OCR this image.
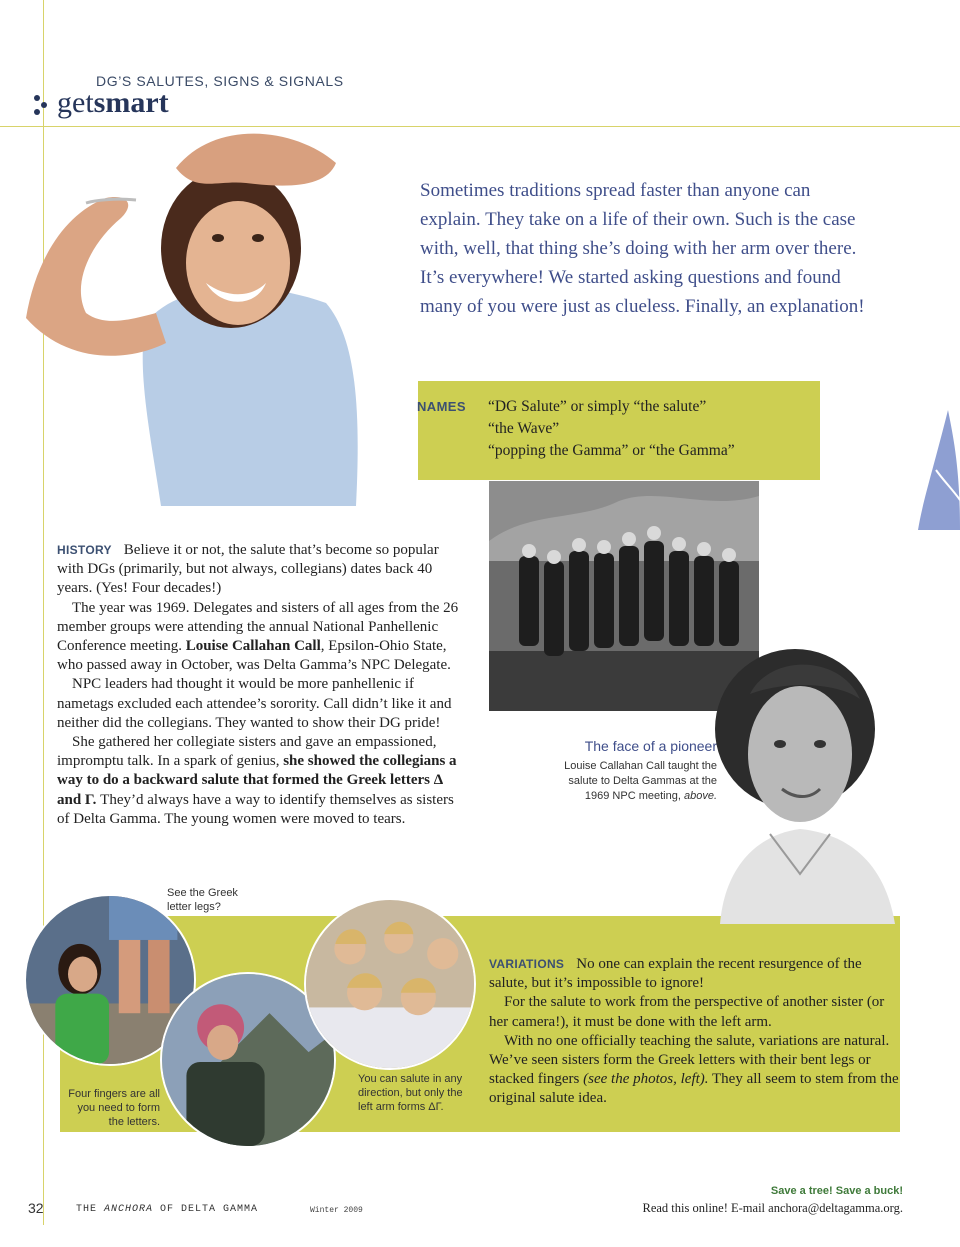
DG’S SALUTES, SIGNS & SIGNALS
getsmart
Sometimes traditions spread faster than anyone can explain. They take on a life of their own. Such is the case with, well, that thing she’s doing with her arm over there. It’s everywhere! We started asking questions and found many of you were just as clueless. Finally, an explanation!
NAMES “DG Salute” or simply “the salute”
“the Wave”
“popping the Gamma” or “the Gamma”

HISTORY Believe it or not, the salute that’s become so popular with DGs (primarily, but not always, collegians) dates back 40 years. (Yes! Four decades!)

The year was 1969. Delegates and sisters of all ages from the 26 member groups were attending the annual National Panhellenic Conference meeting. Louise Callahan Call, Epsilon-Ohio State, who passed away in October, was Delta Gamma’s NPC Delegate.

NPC leaders had thought it would be more panhellenic if nametags excluded each attendee’s sorority. Call didn’t like it and neither did the collegians. They wanted to show their DG pride!

She gathered her collegiate sisters and gave an empassioned, impromptu talk. In a spark of genius, she showed the collegians a way to do a backward salute that formed the Greek letters Δ and Γ. They’d always have a way to identify themselves as sisters of Delta Gamma. The young women were moved to tears.

The face of a pioneer
Louise Callahan Call taught the salute to Delta Gammas at the 1969 NPC meeting, above.
See the Greek letter legs?
Four fingers are all you need to form the letters.
You can salute in any direction, but only the left arm forms ΔΓ.

VARIATIONS No one can explain the recent resurgence of the salute, but it’s impossible to ignore!

For the salute to work from the perspective of another sister (or her camera!), it must be done with the left arm.

With no one officially teaching the salute, variations are natural. We’ve seen sisters form the Greek letters with their bent legs or stacked fingers (see the photos, left). They all seem to stem from the original salute idea.

32	THE ANCHORA OF DELTA GAMMA	Winter 2009
Save a tree! Save a buck!
Read this online! E-mail anchora@deltagamma.org.
